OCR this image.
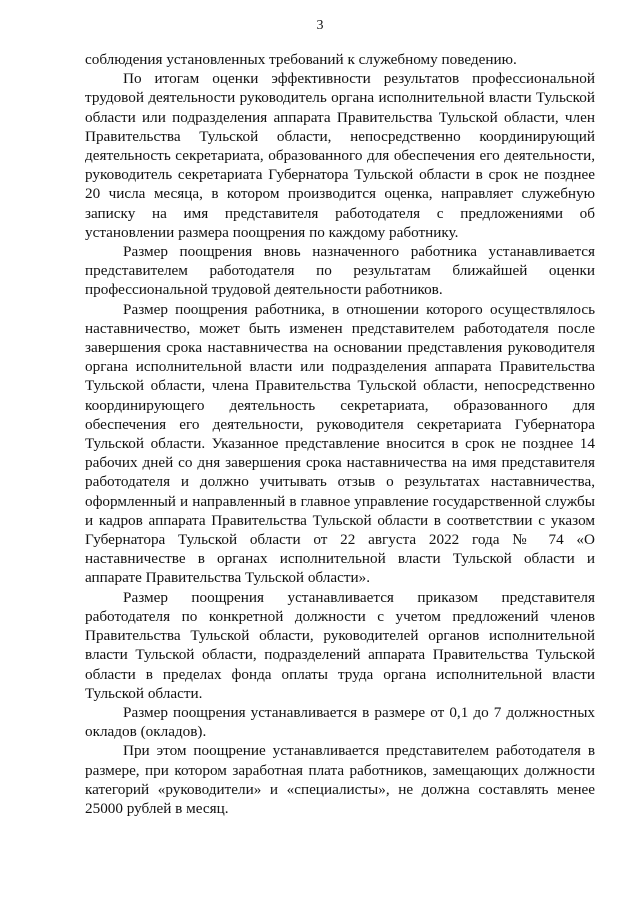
3

соблюдения установленных требований к служебному поведению.

По итогам оценки эффективности результатов профессиональной трудовой деятельности руководитель органа исполнительной власти Тульской области или подразделения аппарата Правительства Тульской области, член Правительства Тульской области, непосредственно координирующий деятельность секретариата, образованного для обеспечения его деятельности, руководитель секретариата Губернатора Тульской области в срок не позднее 20 числа месяца, в котором производится оценка, направляет служебную записку на имя представителя работодателя с предложениями об установлении размера поощрения по каждому работнику.

Размер поощрения вновь назначенного работника устанавливается представителем работодателя по результатам ближайшей оценки профессиональной трудовой деятельности работников.

Размер поощрения работника, в отношении которого осуществлялось наставничество, может быть изменен представителем работодателя после завершения срока наставничества на основании представления руководителя органа исполнительной власти или подразделения аппарата Правительства Тульской области, члена Правительства Тульской области, непосредственно координирующего деятельность секретариата, образованного для обеспечения его деятельности, руководителя секретариата Губернатора Тульской области. Указанное представление вносится в срок не позднее 14 рабочих дней со дня завершения срока наставничества на имя представителя работодателя и должно учитывать отзыв о результатах наставничества, оформленный и направленный в главное управление государственной службы и кадров аппарата Правительства Тульской области в соответствии с указом Губернатора Тульской области от 22 августа 2022 года № 74 «О наставничестве в органах исполнительной власти Тульской области и аппарате Правительства Тульской области».

Размер поощрения устанавливается приказом представителя работодателя по конкретной должности с учетом предложений членов Правительства Тульской области, руководителей органов исполнительной власти Тульской области, подразделений аппарата Правительства Тульской области в пределах фонда оплаты труда органа исполнительной власти Тульской области.

Размер поощрения устанавливается в размере от 0,1 до 7 должностных окладов (окладов).

При этом поощрение устанавливается представителем работодателя в размере, при котором заработная плата работников, замещающих должности категорий «руководители» и «специалисты», не должна составлять менее 25000 рублей в месяц.
